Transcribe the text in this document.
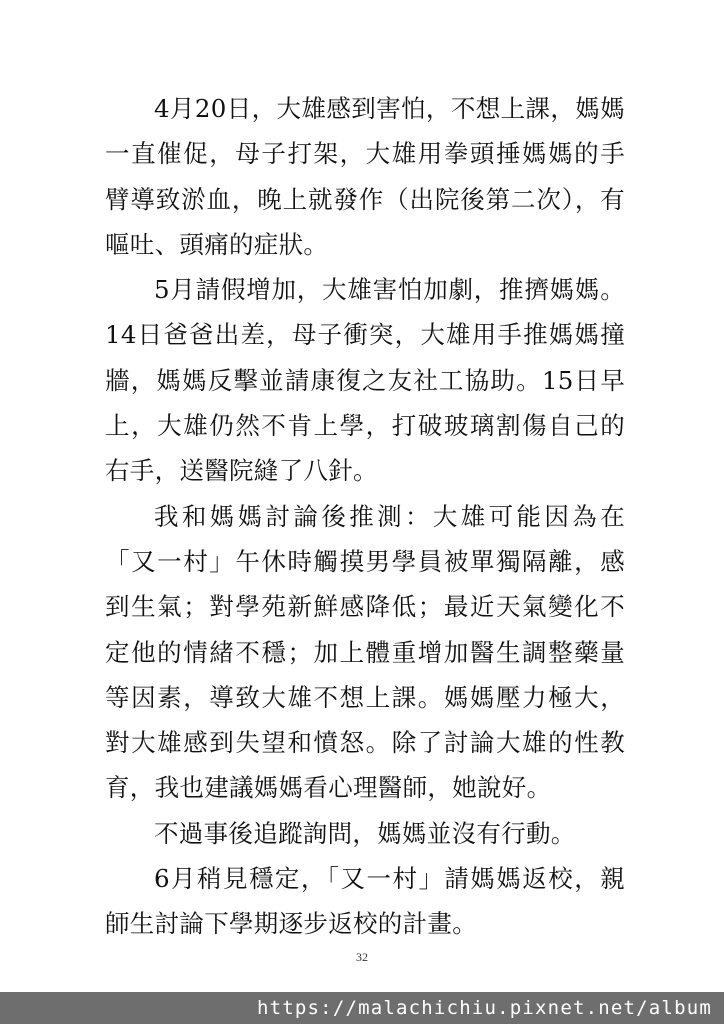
4月20日，大雄感到害怕，不想上課，媽媽一直催促，母子打架，大雄用拳頭捶媽媽的手臂導致淤血，晚上就發作（出院後第二次），有嘔吐、頭痛的症狀。

5月請假增加，大雄害怕加劇，推擠媽媽。14日爸爸出差，母子衝突，大雄用手推媽媽撞牆，媽媽反擊並請康復之友社工協助。15日早上，大雄仍然不肯上學，打破玻璃割傷自己的右手，送醫院縫了八針。

我和媽媽討論後推測：大雄可能因為在「又一村」午休時觸摸男學員被單獨隔離，感到生氣；對學苑新鮮感降低；最近天氣變化不定他的情緒不穩；加上體重增加醫生調整藥量等因素，導致大雄不想上課。媽媽壓力極大，對大雄感到失望和憤怒。除了討論大雄的性教育，我也建議媽媽看心理醫師，她說好。

不過事後追蹤詢問，媽媽並沒有行動。

6月稍見穩定，「又一村」請媽媽返校，親師生討論下學期逐步返校的計畫。

32
https://malachichiu.pixnet.net/album
